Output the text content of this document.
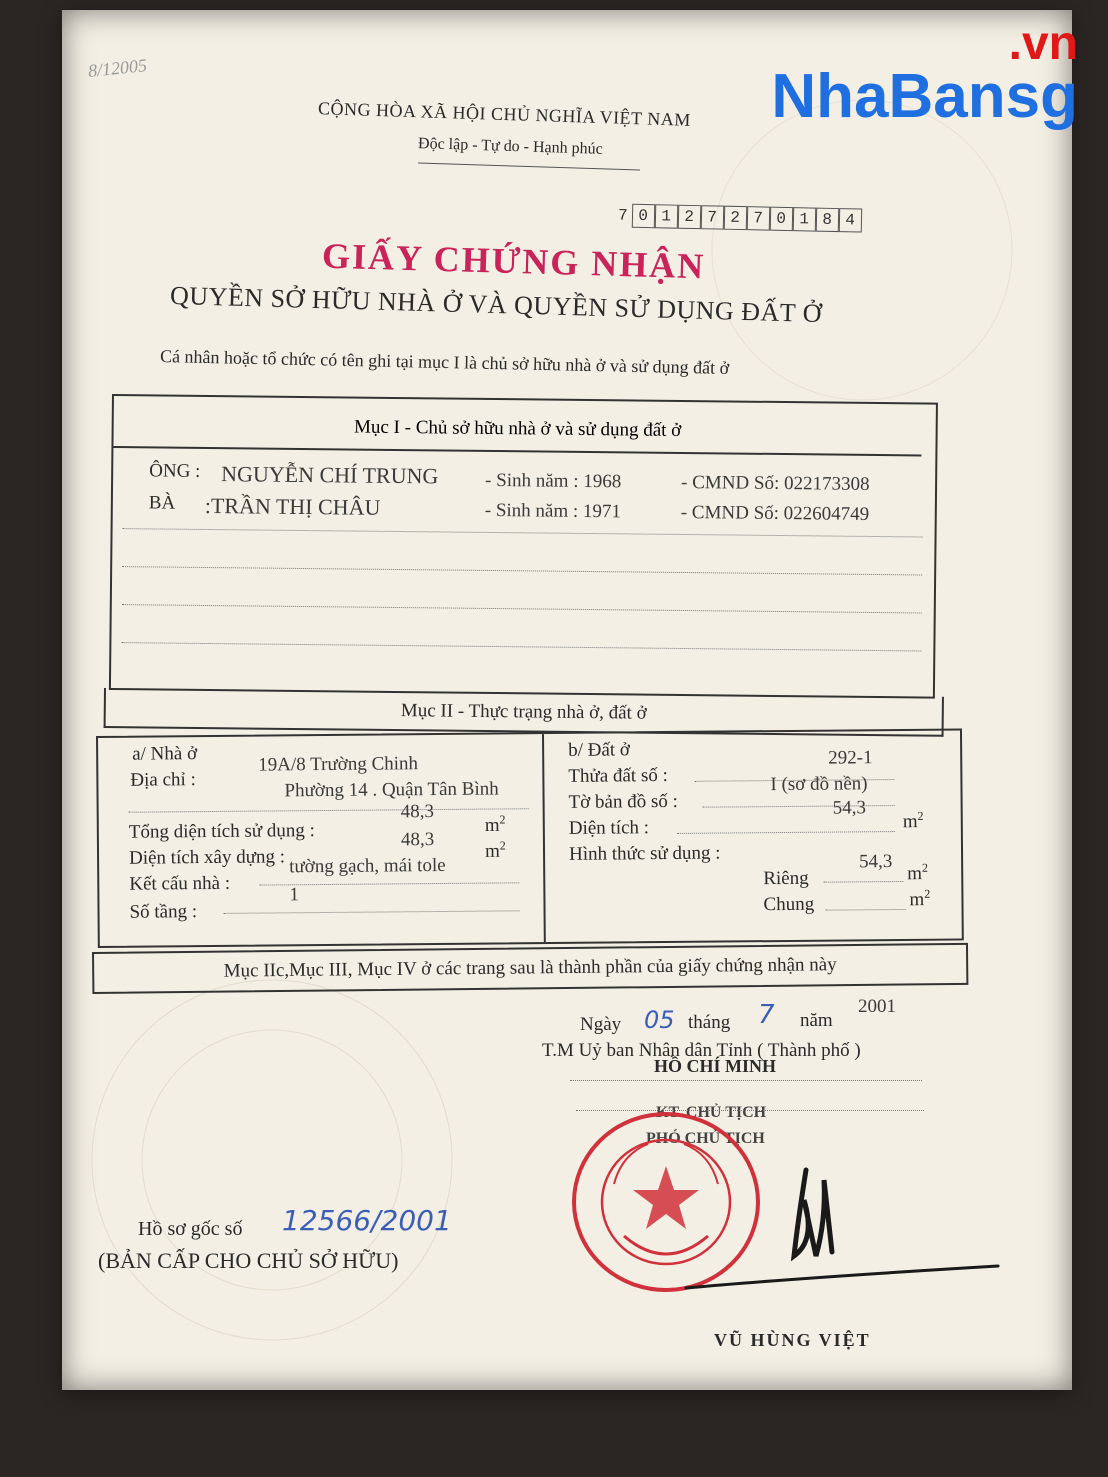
8/12005	.vn
NhaBansg
CỘNG HÒA XÃ HỘI CHỦ NGHĨA VIỆT NAM
Độc lập - Tự do - Hạnh phúc
7 0 1 2 7 2 7 0 1 8 4
GIẤY CHỨNG NHẬN
QUYỀN SỞ HỮU NHÀ Ở VÀ QUYỀN SỬ DỤNG ĐẤT Ở
Cá nhân hoặc tổ chức có tên ghi tại mục I là chủ sở hữu nhà ở và sử dụng đất ở
Mục I - Chủ sở hữu nhà ở và sử dụng đất ở
ÔNG : NGUYỄN CHÍ TRUNG - Sinh năm : 1968	- CMND Số: 022173308
BÀ :TRẦN THỊ CHÂU	- Sinh năm : 1971	- CMND Số: 022604749
Mục II - Thực trạng nhà ở, đất ở
a/ Nhà ở
Địa chỉ :
19A/8 Trường Chinh
Phường 14 . Quận Tân Bình
Tổng diện tích sử dụng :
48,3
$m^2$
Diện tích xây dựng :
48,3
$m^2$
Kết cấu nhà :
tường gạch, mái tole
Số tầng :
1
b/ Đất ở
Thửa đất số :
292-1
Tờ bản đồ số :
I (sơ đồ nền)
Diện tích :
54,3
$m^2$
Hình thức sử dụng :
Riêng
54,3
$m^2$
Chung	$m^2$
Mục IIc,Mục III, Mục IV ở các trang sau là thành phần của giấy chứng nhận này
Ngày 05 tháng 7 năm
2001
T.M Uỷ ban Nhân dân Tỉnh ( Thành phố )
HỒ CHÍ MINH
KT. CHỦ TỊCH
PHÓ CHỦ TỊCH
VŨ HÙNG VIỆT
Hồ sơ gốc số 12566/2001
(BẢN CẤP CHO CHỦ SỞ HỮU)
